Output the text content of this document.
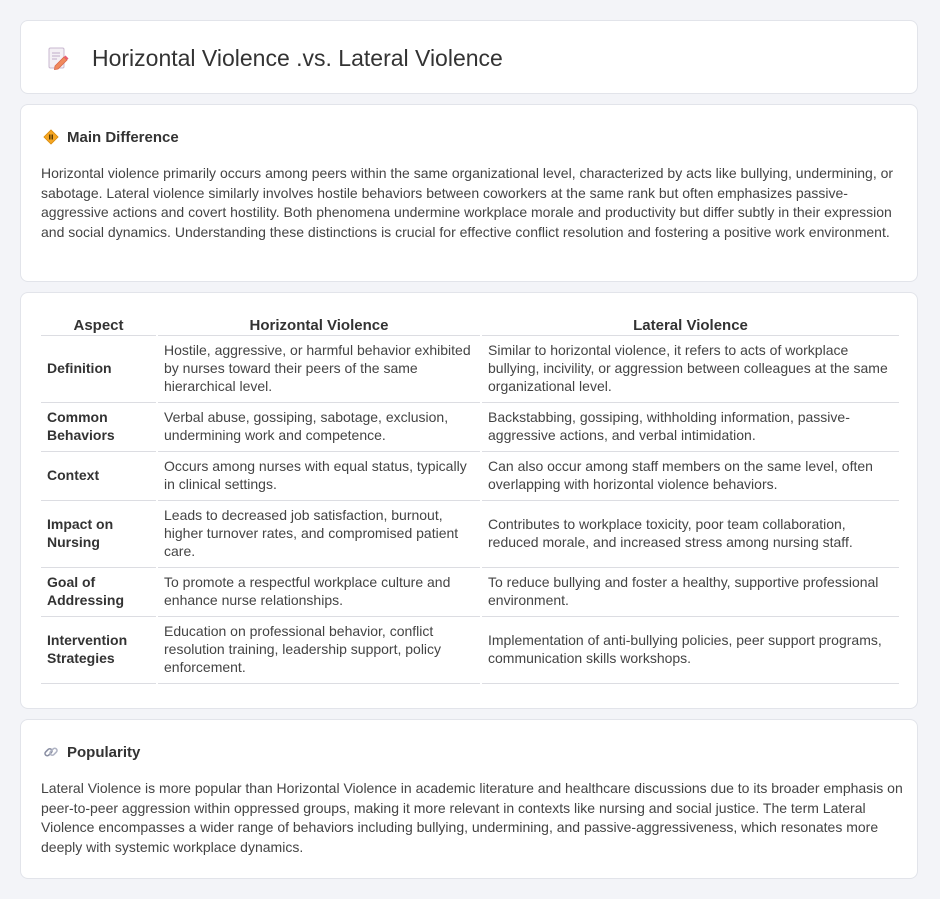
Horizontal Violence .vs. Lateral Violence
Main Difference

Horizontal violence primarily occurs among peers within the same organizational level, characterized by acts like bullying, undermining, or sabotage. Lateral violence similarly involves hostile behaviors between coworkers at the same rank but often emphasizes passive-aggressive actions and covert hostility. Both phenomena undermine workplace morale and productivity but differ subtly in their expression and social dynamics. Understanding these distinctions is crucial for effective conflict resolution and fostering a positive work environment.

Aspect	Horizontal Violence	Lateral Violence
Definition	Hostile, aggressive, or harmful behavior exhibited by nurses toward their peers of the same hierarchical level.	Similar to horizontal violence, it refers to acts of workplace bullying, incivility, or aggression between colleagues at the same organizational level.
Common Behaviors	Verbal abuse, gossiping, sabotage, exclusion, undermining work and competence.	Backstabbing, gossiping, withholding information, passive-aggressive actions, and verbal intimidation.
Context	Occurs among nurses with equal status, typically in clinical settings.	Can also occur among staff members on the same level, often overlapping with horizontal violence behaviors.
Impact on Nursing	Leads to decreased job satisfaction, burnout, higher turnover rates, and compromised patient care.	Contributes to workplace toxicity, poor team collaboration, reduced morale, and increased stress among nursing staff.
Goal of Addressing	To promote a respectful workplace culture and enhance nurse relationships.	To reduce bullying and foster a healthy, supportive professional environment.
Intervention Strategies	Education on professional behavior, conflict resolution training, leadership support, policy enforcement.	Implementation of anti-bullying policies, peer support programs, communication skills workshops.
Popularity

Lateral Violence is more popular than Horizontal Violence in academic literature and healthcare discussions due to its broader emphasis on peer-to-peer aggression within oppressed groups, making it more relevant in contexts like nursing and social justice. The term Lateral Violence encompasses a wider range of behaviors including bullying, undermining, and passive-aggressiveness, which resonates more deeply with systemic workplace dynamics.
